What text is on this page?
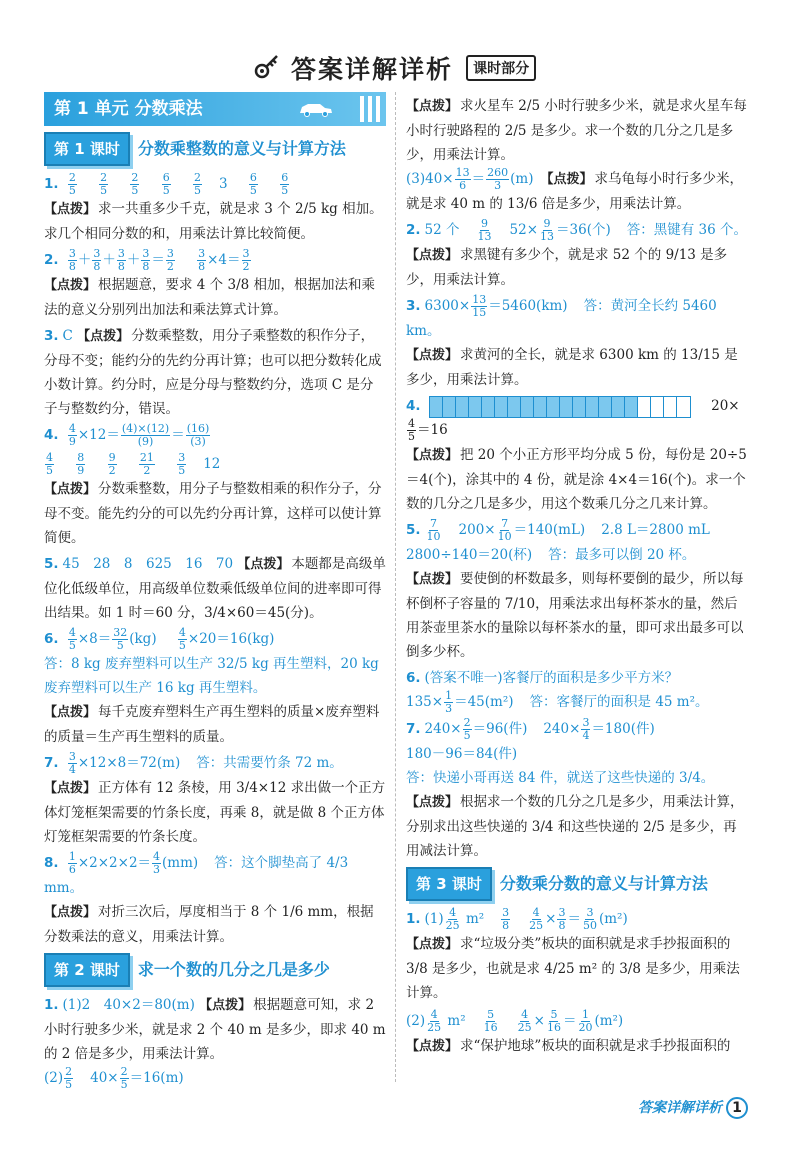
答案详解详析 课时部分
第 1 单元 分数乘法
第 1 课时	分数乘整数的意义与计算方法
1. $\frac{2}{5}$
$\frac{2}{5}$
$\frac{2}{5}$
$\frac{6}{5}$
$\frac{2}{5} 3 \frac{6}{5}$
$\frac{6}{5}$
【点拨】 求一共重多少千克，就是求 3 个 2/5 kg 相加。求几个相同分数的和，用乘法计算比较简便。
2. $\frac{3}{8} + \frac{3}{8} + \frac{3}{8} + \frac{3}{8} = \frac{3}{2}$
$\frac{3}{8} \times 4= \frac{3}{2}$
【点拨】 根据题意，要求 4 个 3/8 相加，根据加法和乘法的意义分别列出加法和乘法算式计算。
3. C 【点拨】 分数乘整数，用分子乘整数的积作分子，分母不变；能约分的先约分再计算；也可以把分数转化成小数计算。约分时，应是分母与整数约分，选项 C 是分子与整数约分，错误。
4. $\frac{4}{9} \times 12= \frac{(4)\times(12)}{(9)} = \frac{(16)}{(3)}$
$\frac{4}{5}$
$\frac{8}{9}$
$\frac{9}{2}$
$\frac{21}{2}$
$\frac{3}{5} 12$
【点拨】 分数乘整数，用分子与整数相乘的积作分子，分母不变。能先约分的可以先约分再计算，这样可以使计算简便。
5. 45　28　8　625　16　70 【点拨】 本题都是高级单位化低级单位，用高级单位数乘低级单位间的进率即可得出结果。如 1 时＝60 分，3/4×60＝45(分)。
6. $\frac{4}{5} \times 8= \frac{32}{5} (kg) \frac{4}{5} \times 20=16(kg)$
答：8 kg 废弃塑料可以生产 32/5 kg 再生塑料，20 kg 废弃塑料可以生产 16 kg 再生塑料。
【点拨】 每千克废弃塑料生产再生塑料的质量×废弃塑料的质量＝生产再生塑料的质量。
7. $\frac{3}{4} \times 12\times 8=72(m)$ 答：共需要竹条 72 m。
【点拨】 正方体有 12 条棱，用 3/4×12 求出做一个正方体灯笼框架需要的竹条长度，再乘 8，就是做 8 个正方体灯笼框架需要的竹条长度。
8. $\frac{1}{6} \times 2\times 2\times 2= \frac{4}{3} (mm)$ 答：这个脚垫高了 4/3 mm。
【点拨】 对折三次后，厚度相当于 8 个 1/6 mm，根据分数乘法的意义，用乘法计算。
第 2 课时	求一个数的几分之几是多少
1. (1)2　40×2＝80(m) 【点拨】 根据题意可知，求 2 小时行驶多少米，就是求 2 个 40 m 是多少，即求 40 m 的 2 倍是多少，用乘法计算。
$(2) \frac{2}{5} 40\times \frac{2}{5} =16(m)$
【点拨】 求火星车 2/5 小时行驶多少米，就是求火星车每小时行驶路程的 2/5 是多少。求一个数的几分之几是多少，用乘法计算。
$(3)40\times \frac{13}{6} = \frac{260}{3} (m)$　 【点拨】 求乌龟每小时行多少米，就是求 40 m 的 13/6 倍是多少，用乘法计算。
2. 52 个 $\frac{9}{13} 52\times \frac{9}{13} =36$(个) 答：黑键有 36 个。
【点拨】 求黑键有多少个，就是求 52 个的 9/13 是多少，用乘法计算。
3. $6300\times \frac{13}{15} =5460(km)$ 答：黄河全长约 5460 km。
【点拨】 求黄河的全长，就是求 6300 km 的 13/15 是多少，用乘法计算。
4.	20×
$\frac{4}{5} =16$
【点拨】 把 20 个小正方形平均分成 5 份，每份是 20÷5＝4(个)，涂其中的 4 份，就是涂 4×4＝16(个)。求一个数的几分之几是多少，用这个数乘几分之几来计算。
5. $\frac{7}{10} 200\times \frac{7}{10} =140(mL)$ 2.8 L＝2800 mL
2800÷140＝20(杯) 答：最多可以倒 20 杯。
【点拨】 要使倒的杯数最多，则每杯要倒的最少，所以每杯倒杯子容量的 7/10，用乘法求出每杯茶水的量，然后用茶壶里茶水的量除以每杯茶水的量，即可求出最多可以倒多少杯。
6. (答案不唯一)客餐厅的面积是多少平方米？
$135\times \frac{1}{3} =45(m^2)$ 答：客餐厅的面积是 45 m²。
7. $240\times \frac{2}{5} =96$(件) $240\times \frac{3}{4} =180$(件)
180－96＝84(件)
答：快递小哥再送 84 件，就送了这些快递的 3/4。
【点拨】 根据求一个数的几分之几是多少，用乘法计算，分别求出这些快递的 3/4 和这些快递的 2/5 是多少，再用减法计算。
第 3 课时	分数乘分数的意义与计算方法
1. $(1) \frac{4}{25} m^2 \frac{3}{8} \frac{4}{25} \times \frac{3}{8} = \frac{3}{50} (m^2)$
【点拨】 求“垃圾分类”板块的面积就是求手抄报面积的 3/8 是多少，也就是求 4/25 m² 的 3/8 是多少，用乘法计算。
$(2) \frac{4}{25} m^2 \frac{5}{16} \frac{4}{25} \times \frac{5}{16} = \frac{1}{20} (m^2)$
【点拨】 求“保护地球”板块的面积就是求手抄报面积的
答案详解详析 1
